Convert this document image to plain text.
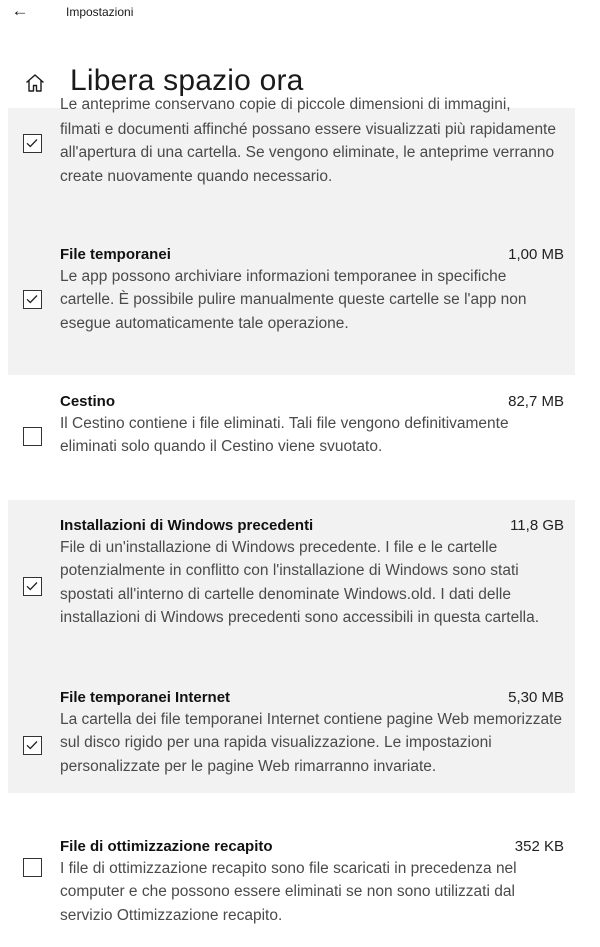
←	Impostazioni
Libera spazio ora
Le anteprime conservano copie di piccole dimensioni di immagini,
filmati e documenti affinché possano essere visualizzati più rapidamente all'apertura di una cartella. Se vengono eliminate, le anteprime verranno create nuovamente quando necessario.
File temporanei	1,00 MB
Le app possono archiviare informazioni temporanee in specifiche cartelle. È possibile pulire manualmente queste cartelle se l'app non esegue automaticamente tale operazione.
Cestino	82,7 MB
Il Cestino contiene i file eliminati. Tali file vengono definitivamente eliminati solo quando il Cestino viene svuotato.
Installazioni di Windows precedenti	11,8 GB
File di un'installazione di Windows precedente. I file e le cartelle potenzialmente in conflitto con l'installazione di Windows sono stati spostati all'interno di cartelle denominate Windows.old. I dati delle installazioni di Windows precedenti sono accessibili in questa cartella.
File temporanei Internet	5,30 MB
La cartella dei file temporanei Internet contiene pagine Web memorizzate sul disco rigido per una rapida visualizzazione. Le impostazioni personalizzate per le pagine Web rimarranno invariate.
File di ottimizzazione recapito	352 KB
I file di ottimizzazione recapito sono file scaricati in precedenza nel computer e che possono essere eliminati se non sono utilizzati dal servizio Ottimizzazione recapito.
